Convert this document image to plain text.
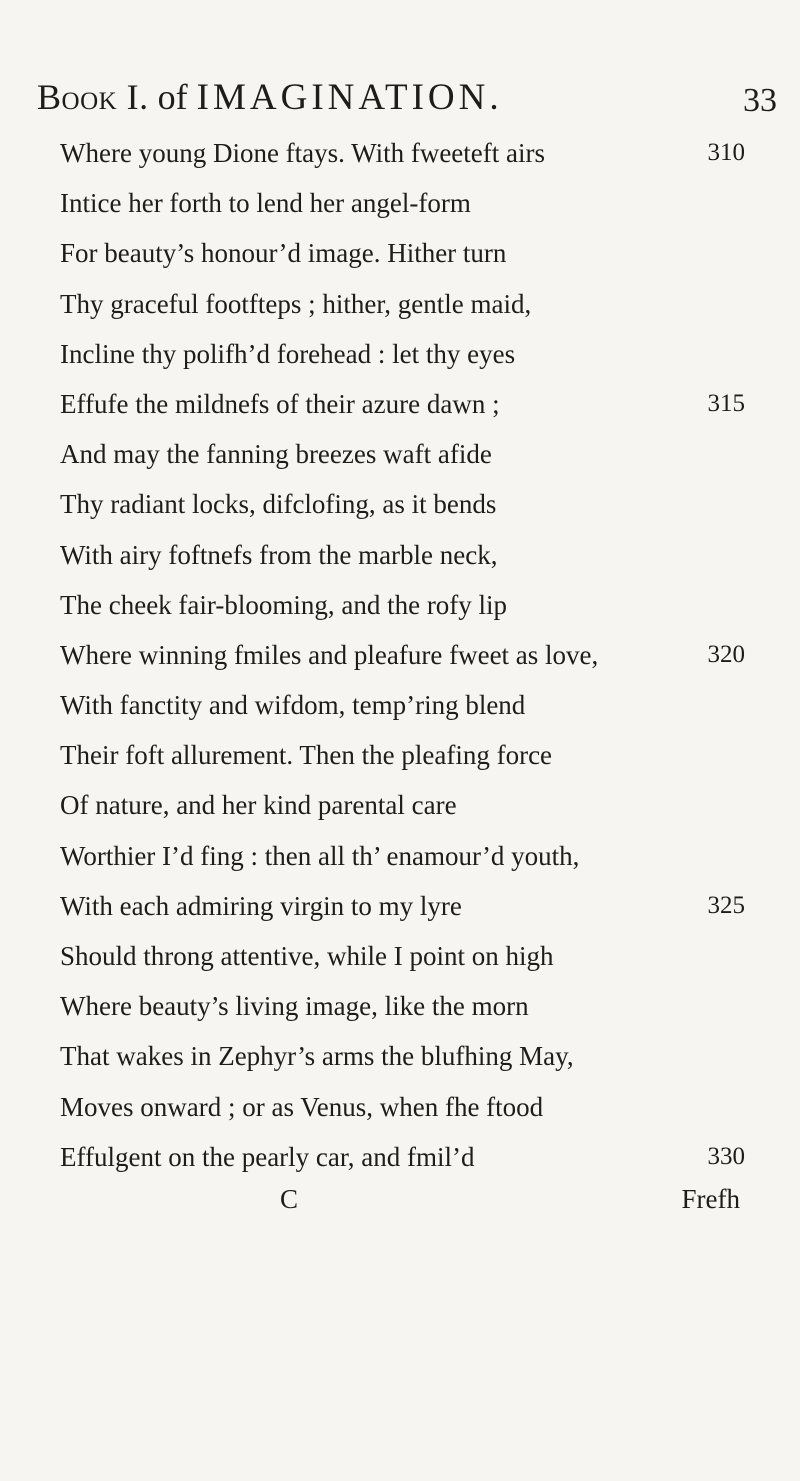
Book I. of IMAGINATION.	33
Where young Dione ftays. With fweeteft airs	310
Intice her forth to lend her angel-form
For beauty’s honour’d image. Hither turn
Thy graceful footfteps ; hither, gentle maid,
Incline thy polifh’d forehead : let thy eyes
Effufe the mildnefs of their azure dawn ;	315
And may the fanning breezes waft afide
Thy radiant locks, difclofing, as it bends
With airy foftnefs from the marble neck,
The cheek fair-blooming, and the rofy lip
Where winning fmiles and pleafure fweet as love,	320
With fanctity and wifdom, temp’ring blend
Their foft allurement. Then the pleafing force
Of nature, and her kind parental care
Worthier I’d fing : then all th’ enamour’d youth,
With each admiring virgin to my lyre	325
Should throng attentive, while I point on high
Where beauty’s living image, like the morn
That wakes in Zephyr’s arms the blufhing May,
Moves onward ; or as Venus, when fhe ftood
Effulgent on the pearly car, and fmil’d	330
C	Frefh
